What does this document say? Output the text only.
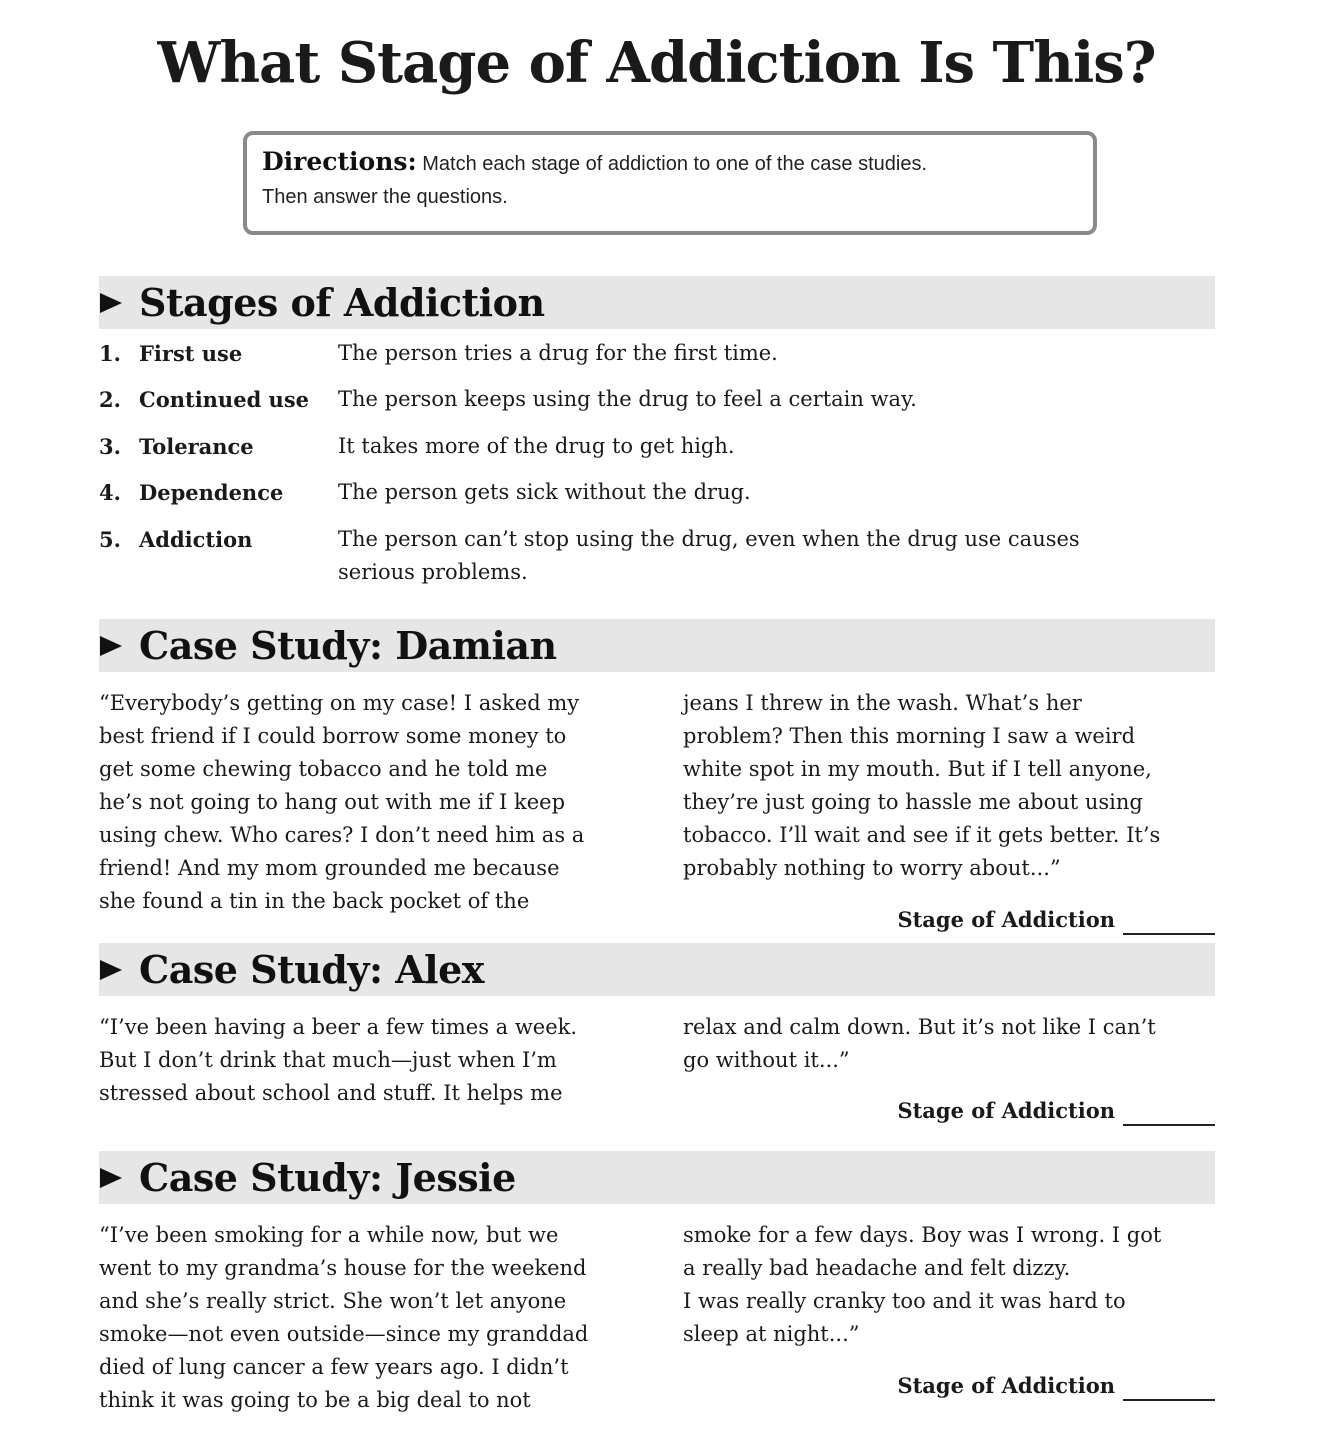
What Stage of Addiction Is This?
Directions: Match each stage of addiction to one of the case studies.
Then answer the questions.
Stages of Addiction
1. First use	The person tries a drug for the first time.
2. Continued use	The person keeps using the drug to feel a certain way.
3. Tolerance	It takes more of the drug to get high.
4. Dependence	The person gets sick without the drug.
5. Addiction	The person can’t stop using the drug, even when the drug use causes
serious problems.
Case Study: Damian
“Everybody’s getting on my case! I asked my
best friend if I could borrow some money to
get some chewing tobacco and he told me
he’s not going to hang out with me if I keep
using chew. Who cares? I don’t need him as a
friend! And my mom grounded me because
she found a tin in the back pocket of the
jeans I threw in the wash. What’s her
problem? Then this morning I saw a weird
white spot in my mouth. But if I tell anyone,
they’re just going to hassle me about using
tobacco. I’ll wait and see if it gets better. It’s
probably nothing to worry about...”
Stage of Addiction
Case Study: Alex
“I’ve been having a beer a few times a week.
But I don’t drink that much—just when I’m
stressed about school and stuff. It helps me
relax and calm down. But it’s not like I can’t
go without it...”
Stage of Addiction
Case Study: Jessie
“I’ve been smoking for a while now, but we
went to my grandma’s house for the weekend
and she’s really strict. She won’t let anyone
smoke—not even outside—since my granddad
died of lung cancer a few years ago. I didn’t
think it was going to be a big deal to not
smoke for a few days. Boy was I wrong. I got
a really bad headache and felt dizzy.
I was really cranky too and it was hard to
sleep at night...”
Stage of Addiction
